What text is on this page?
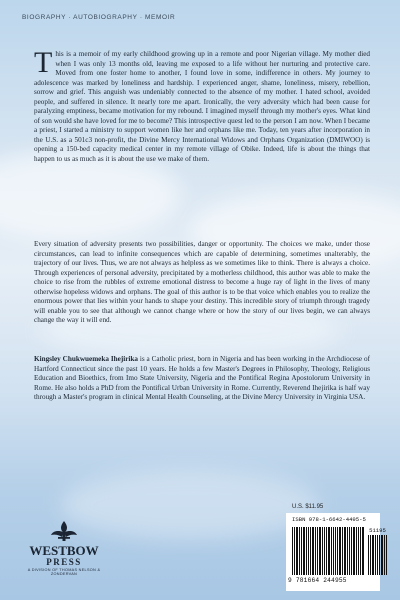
BIOGRAPHY · AUTOBIOGRAPHY · MEMOIR

This is a memoir of my early childhood growing up in a remote and poor Nigerian village. My mother died when I was only 13 months old, leaving me exposed to a life without her nurturing and protective care. Moved from one foster home to another, I found love in some, indifference in others. My journey to adolescence was marked by loneliness and hardship. I experienced anger, shame, loneliness, misery, rebellion, sorrow and grief. This anguish was undeniably connected to the absence of my mother. I hated school, avoided people, and suffered in silence. It nearly tore me apart. Ironically, the very adversity which had been cause for paralyzing emptiness, became motivation for my rebound. I imagined myself through my mother's eyes. What kind of son would she have loved for me to become? This introspective quest led to the person I am now. When I became a priest, I started a ministry to support women like her and orphans like me. Today, ten years after incorporation in the U.S. as a 501c3 non-profit, the Divine Mercy International Widows and Orphans Organization (DMIWOO) is opening a 150-bed capacity medical center in my remote village of Obike. Indeed, life is about the things that happen to us as much as it is about the use we make of them.

Every situation of adversity presents two possibilities, danger or opportunity. The choices we make, under those circumstances, can lead to infinite consequences which are capable of determining, sometimes unalterably, the trajectory of our lives. Thus, we are not always as helpless as we sometimes like to think. There is always a choice. Through experiences of personal adversity, precipitated by a motherless childhood, this author was able to make the choice to rise from the rubbles of extreme emotional distress to become a huge ray of light in the lives of many otherwise hopeless widows and orphans. The goal of this author is to be that voice which enables you to realize the enormous power that lies within your hands to shape your destiny. This incredible story of triumph through tragedy will enable you to see that although we cannot change where or how the story of our lives begin, we can always change the way it will end.

Kingsley Chukwuemeka Ihejirika is a Catholic priest, born in Nigeria and has been working in the Archdiocese of Hartford Connecticut since the past 10 years. He holds a few Master's Degrees in Philosophy, Theology, Religious Education and Bioethics, from Imo State University, Nigeria and the Pontifical Regina Apostolorum University in Rome. He also holds a PhD from the Pontifical Urban University in Rome. Currently, Reverend Ihejirika is half way through a Master's program in clinical Mental Health Counseling, at the Divine Mercy University in Virginia USA.

WESTBOW
PRESS
A DIVISION OF THOMAS NELSON & ZONDERVAN
U.S. $11.95
ISBN 978-1-6642-4495-5
51195
9 781664 244955
